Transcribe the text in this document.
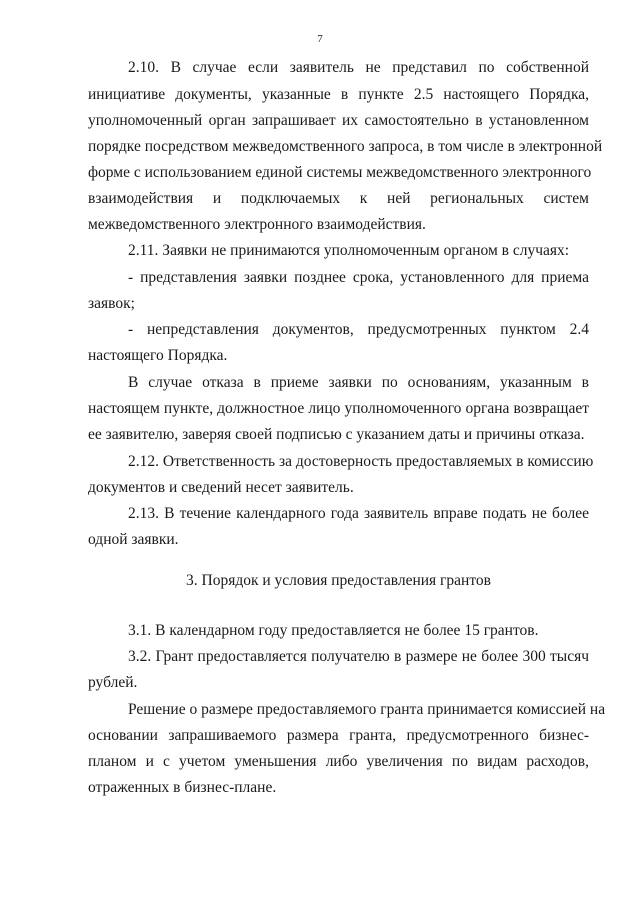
7
2.10. В случае если заявитель не представил по собственной
инициативе документы, указанные в пункте 2.5 настоящего Порядка,
уполномоченный орган запрашивает их самостоятельно в установленном
порядке посредством межведомственного запроса, в том числе в электронной
форме с использованием единой системы межведомственного электронного
взаимодействия и подключаемых к ней региональных систем
межведомственного электронного взаимодействия.
2.11. Заявки не принимаются уполномоченным органом в случаях:
- представления заявки позднее срока, установленного для приема
заявок;
- непредставления документов, предусмотренных пунктом 2.4
настоящего Порядка.
В случае отказа в приеме заявки по основаниям, указанным в
настоящем пункте, должностное лицо уполномоченного органа возвращает
ее заявителю, заверяя своей подписью с указанием даты и причины отказа.
2.12. Ответственность за достоверность предоставляемых в комиссию
документов и сведений несет заявитель.
2.13. В течение календарного года заявитель вправе подать не более
одной заявки.
3. Порядок и условия предоставления грантов
3.1. В календарном году предоставляется не более 15 грантов.
3.2. Грант предоставляется получателю в размере не более 300 тысяч
рублей.
Решение о размере предоставляемого гранта принимается комиссией на
основании запрашиваемого размера гранта, предусмотренного бизнес-
планом и с учетом уменьшения либо увеличения по видам расходов,
отраженных в бизнес-плане.
